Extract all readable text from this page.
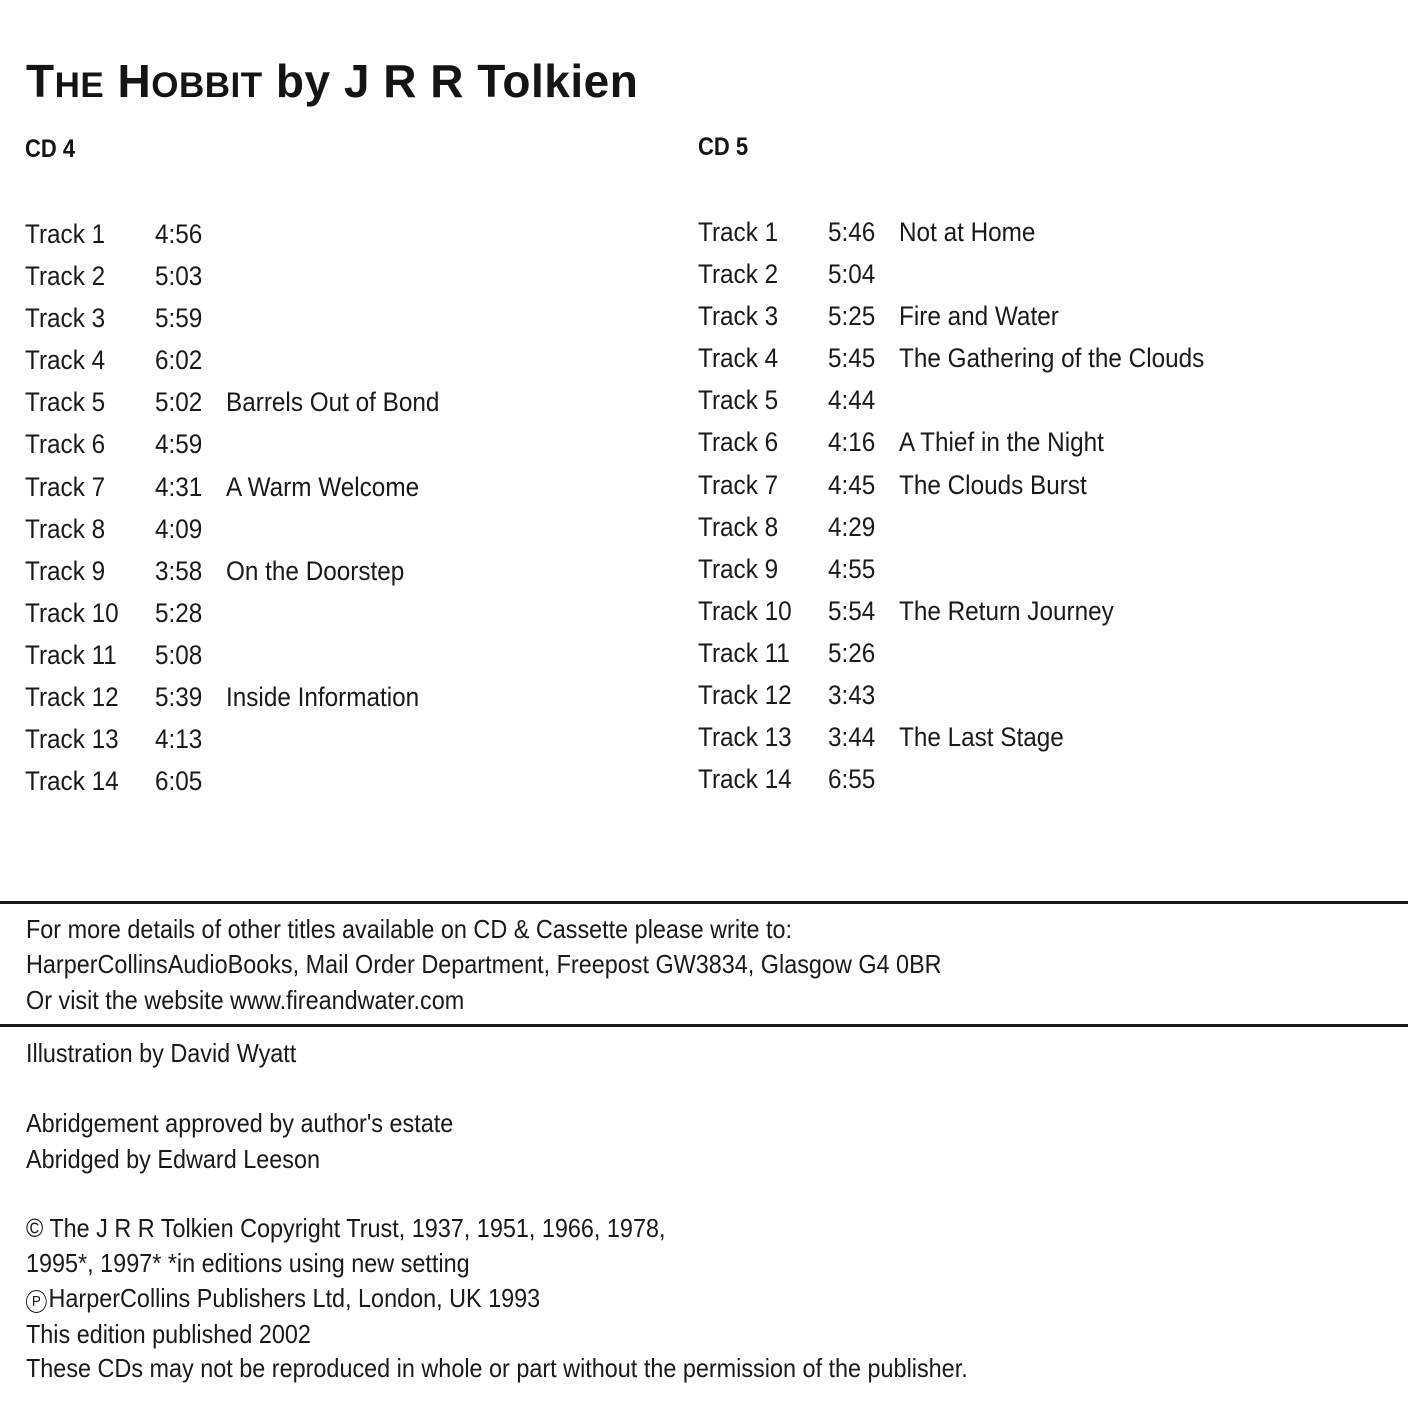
THE HOBBIT by J R R Tolkien
CD 4	CD 5
Track 1 4:56
Track 2 5:03
Track 3 5:59
Track 4 6:02
Track 5 5:02 Barrels Out of Bond
Track 6 4:59
Track 7 4:31 A Warm Welcome
Track 8 4:09
Track 9 3:58 On the Doorstep
Track 10 5:28
Track 11 5:08
Track 12 5:39 Inside Information
Track 13 4:13
Track 14 6:05
Track 1 5:46 Not at Home
Track 2 5:04
Track 3 5:25 Fire and Water
Track 4 5:45 The Gathering of the Clouds
Track 5 4:44
Track 6 4:16 A Thief in the Night
Track 7 4:45 The Clouds Burst
Track 8 4:29
Track 9 4:55
Track 10 5:54 The Return Journey
Track 11 5:26
Track 12 3:43
Track 13 3:44 The Last Stage
Track 14 6:55
For more details of other titles available on CD & Cassette please write to:
HarperCollinsAudioBooks, Mail Order Department, Freepost GW3834, Glasgow G4 0BR
Or visit the website www.fireandwater.com
Illustration by David Wyatt
Abridgement approved by author's estate
Abridged by Edward Leeson
© The J R R Tolkien Copyright Trust, 1937, 1951, 1966, 1978,
1995*, 1997* *in editions using new setting
P HarperCollins Publishers Ltd, London, UK 1993
This edition published 2002
These CDs may not be reproduced in whole or part without the permission of the publisher.
